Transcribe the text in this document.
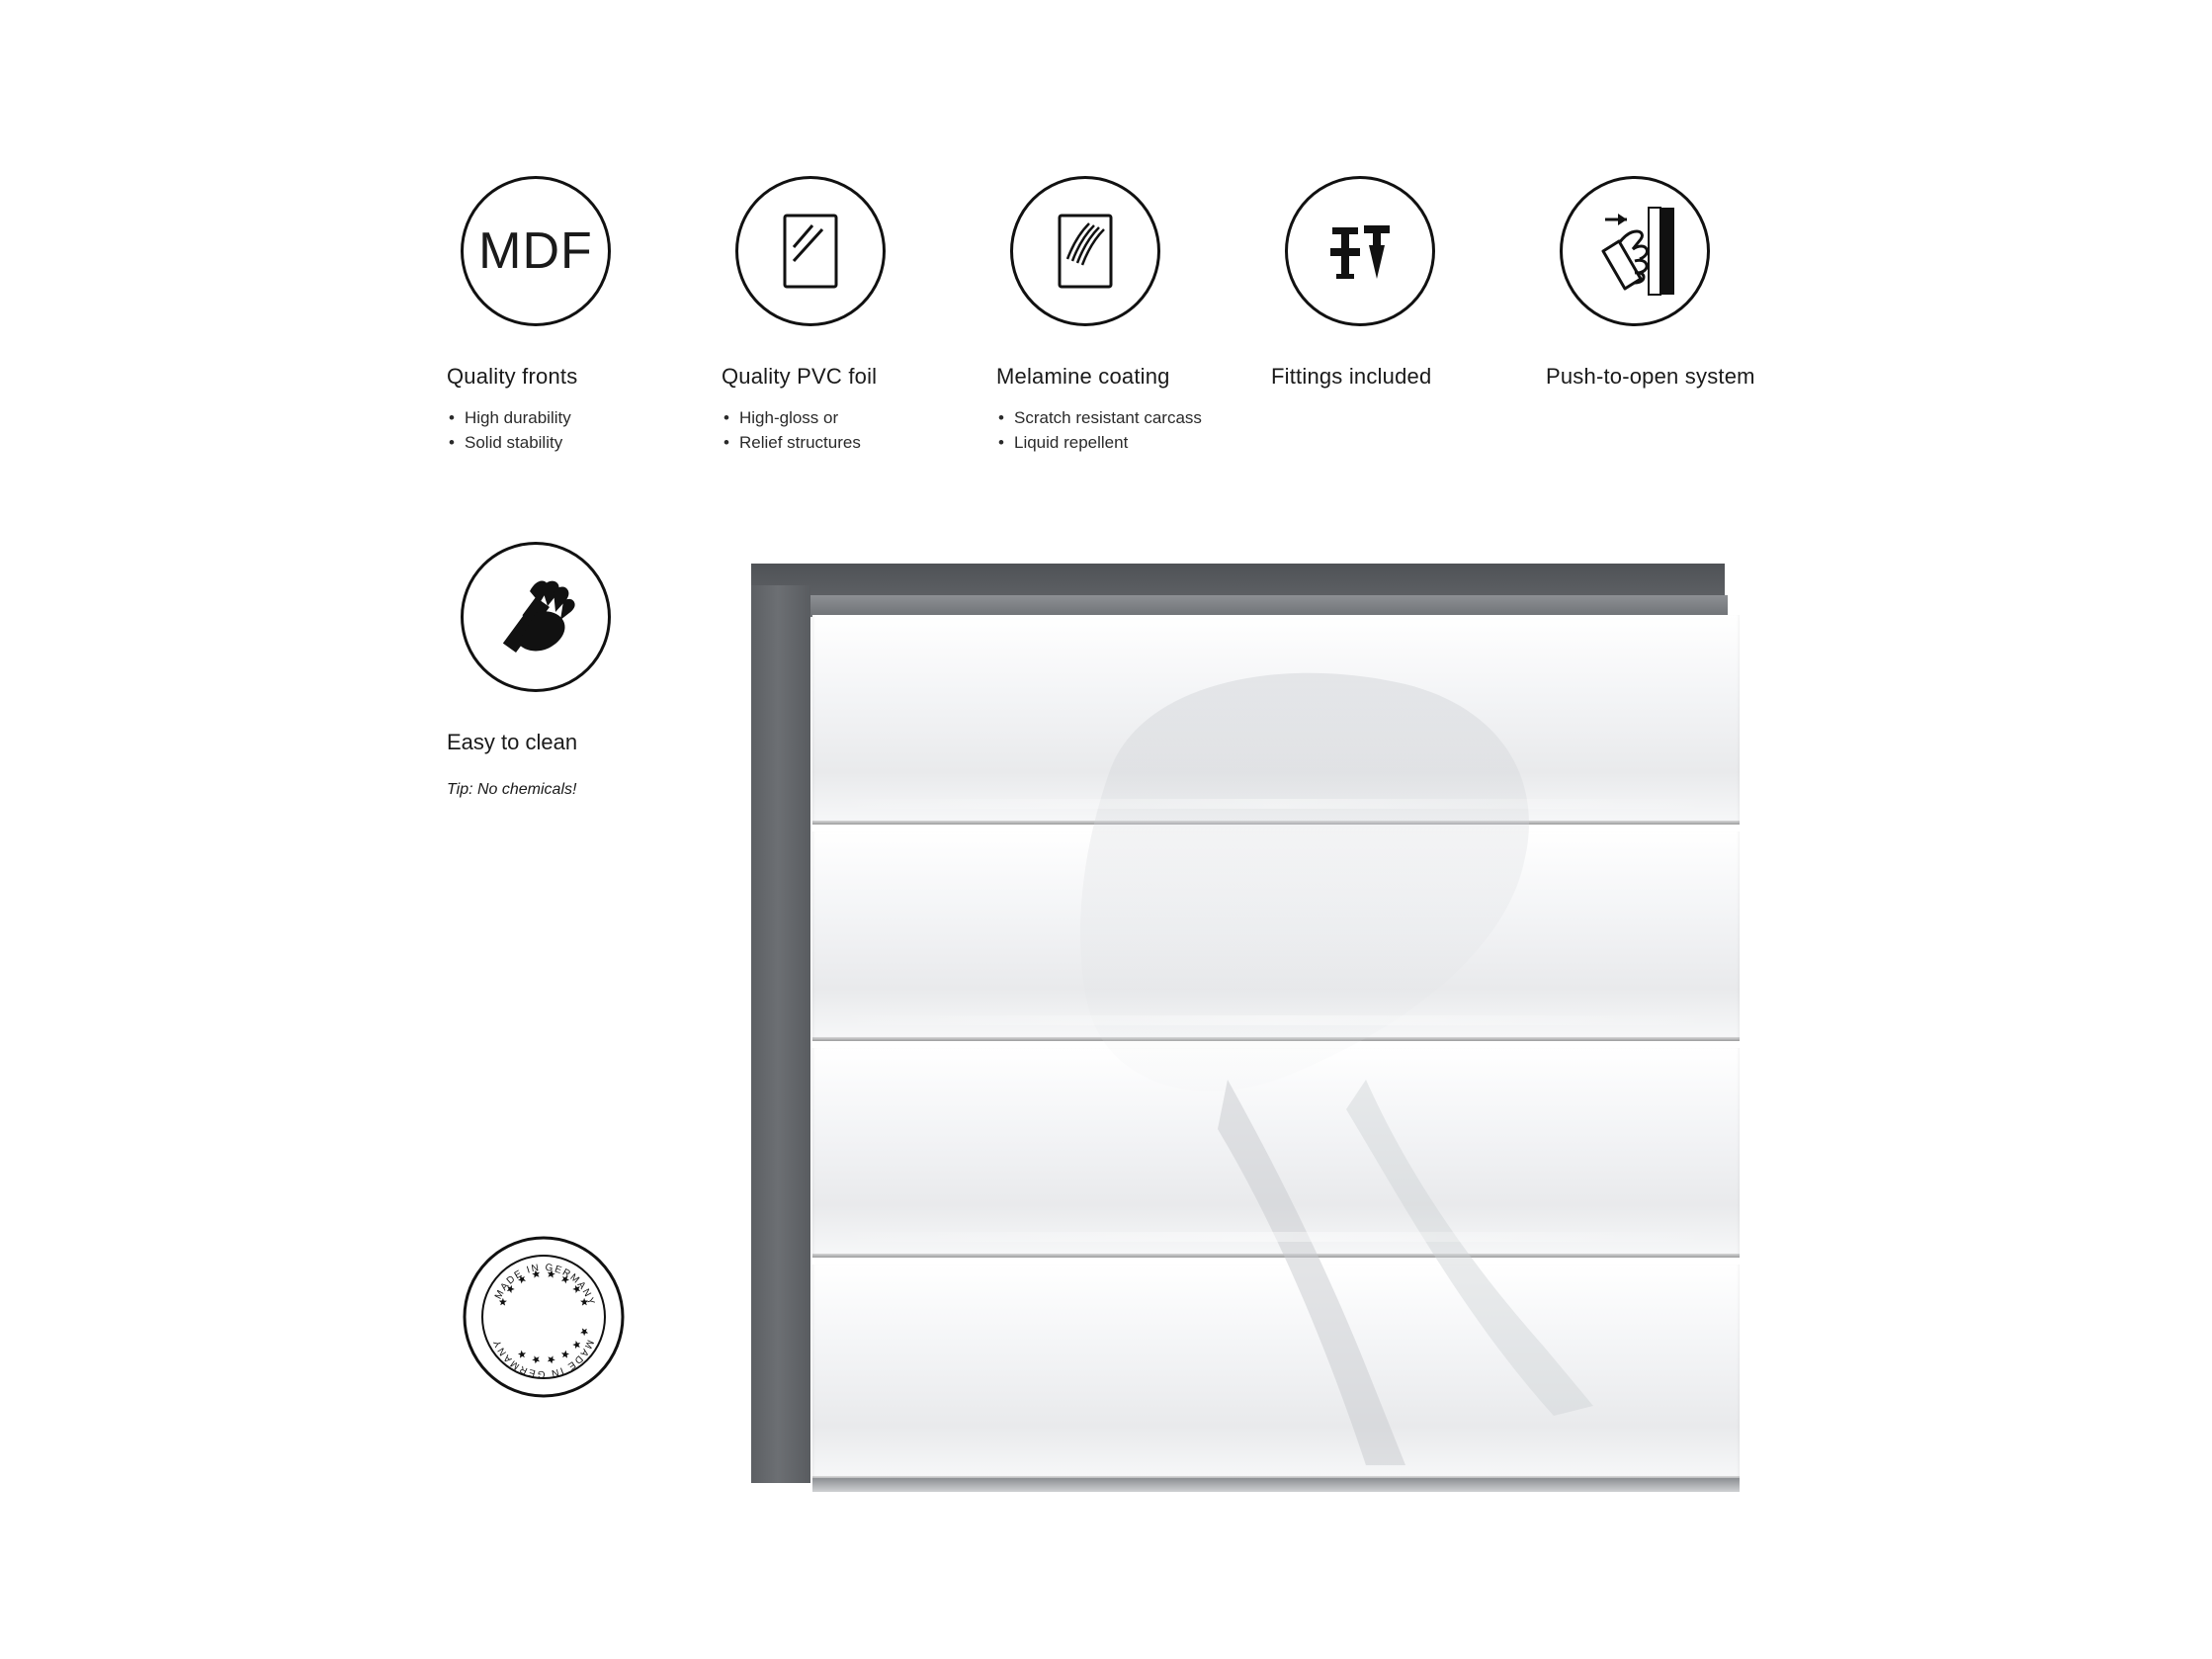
MDF
Quality fronts
• High durability
• Solid stability
Quality PVC foil
• High-gloss or
• Relief structures
Melamine coating
• Scratch resistant carcass
• Liquid repellent
Fittings included	Push-to-open system
Easy to clean
Tip: No chemicals!
MADE IN GERMANY
MADE IN GERMANY
